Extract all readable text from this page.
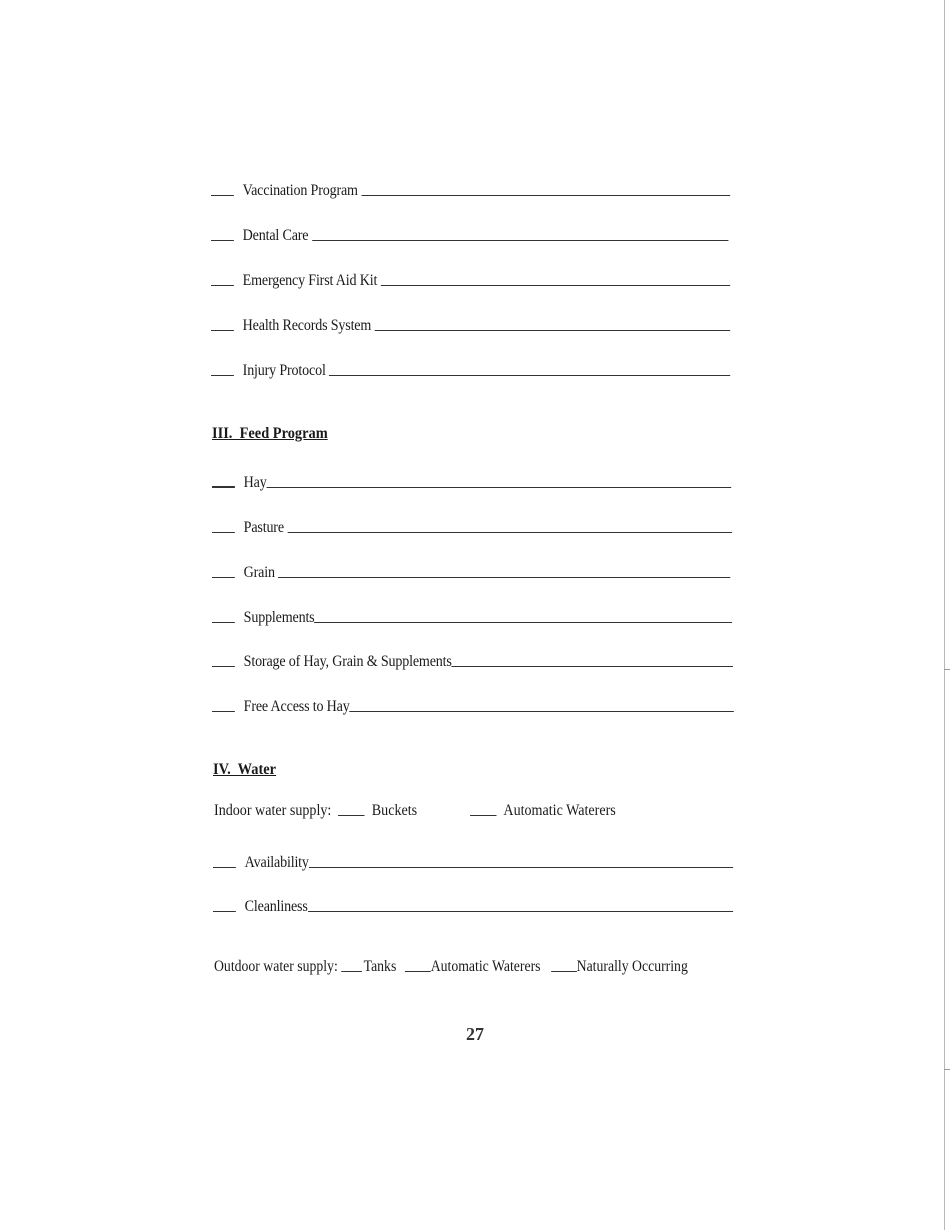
Vaccination Program
Dental Care
Emergency First Aid Kit
Health Records System
Injury Protocol
III.  Feed Program
Hay
Pasture
Grain
Supplements
Storage of Hay, Grain & Supplements
Free Access to Hay
IV.  Water
Indoor water supply:	Buckets	Automatic Waterers
Availability
Cleanliness
Outdoor water supply: Tanks Automatic Waterers Naturally Occurring
27
